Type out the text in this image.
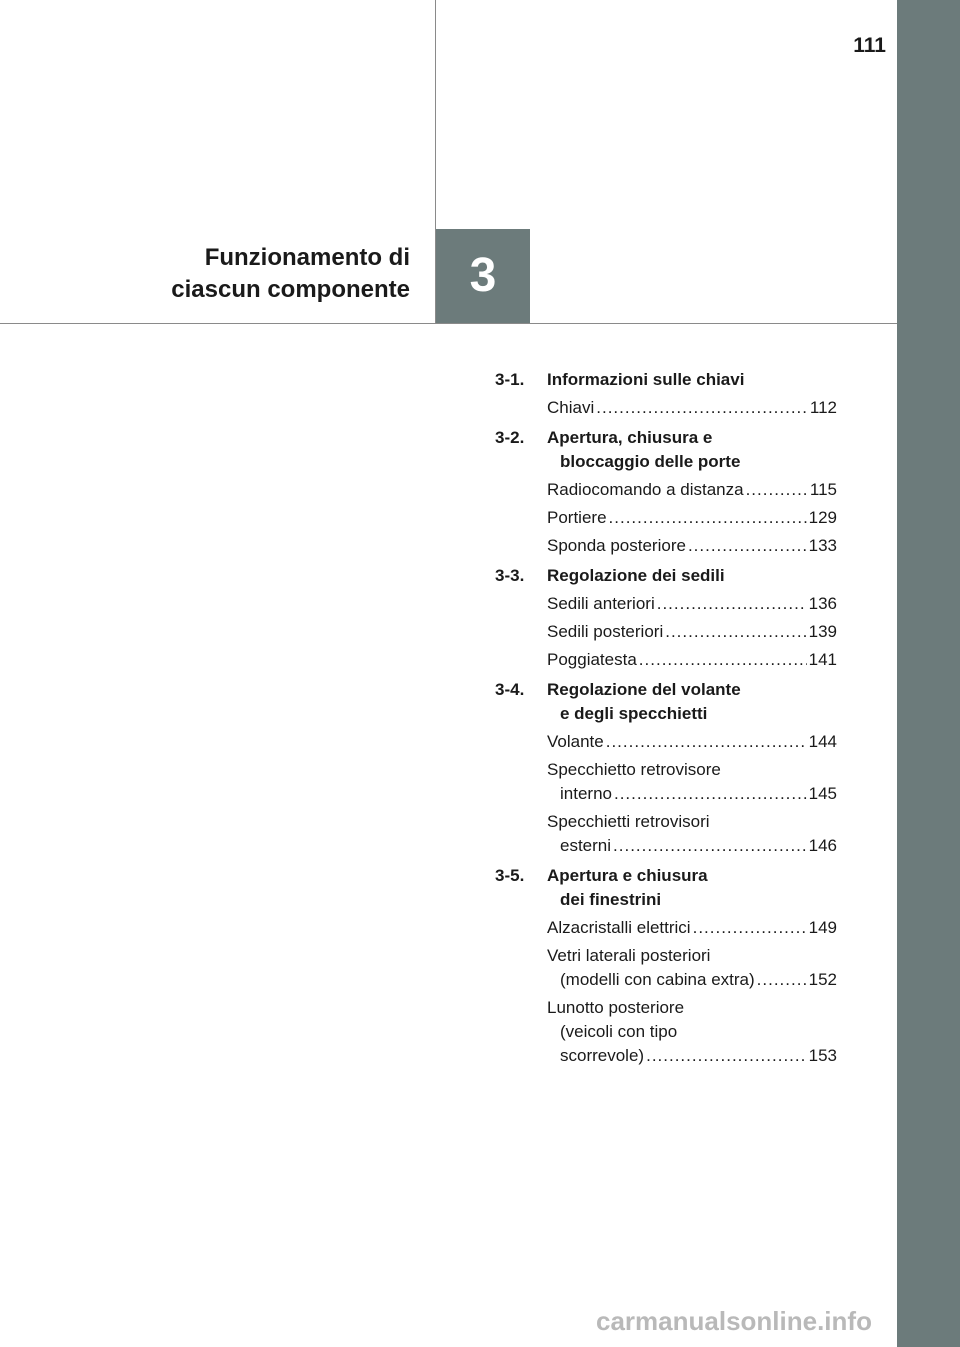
111
Funzionamento di
ciascun componente	3
3-1.	Informazioni sulle chiavi
Chiavi .....	112
3-2.	Apertura, chiusura e
bloccaggio delle porte
Radiocomando a distanza .....	115
Portiere .....	129
Sponda posteriore .....	133
3-3.	Regolazione dei sedili
Sedili anteriori .....	136
Sedili posteriori .....	139
Poggiatesta .....	141
3-4.	Regolazione del volante
e degli specchietti
Volante .....	144
Specchietto retrovisore
interno .....	145
Specchietti retrovisori
esterni .....	146
3-5.	Apertura e chiusura
dei finestrini
Alzacristalli elettrici .....	149
Vetri laterali posteriori
(modelli con cabina extra) .....	152
Lunotto posteriore
(veicoli con tipo
scorrevole) .....	153
carmanualsonline.info
